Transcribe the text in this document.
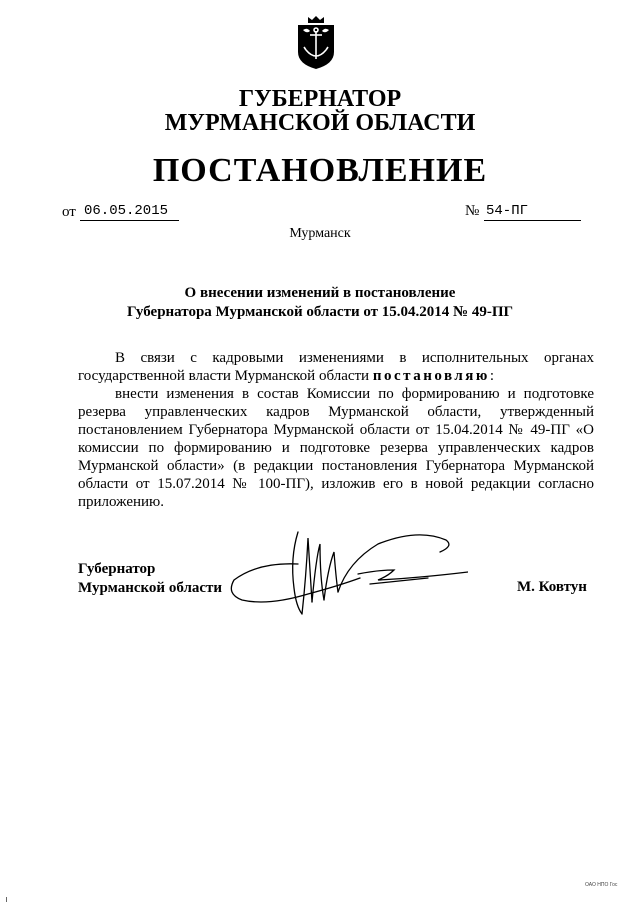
ГУБЕРНАТОР
МУРМАНСКОЙ ОБЛАСТИ
ПОСТАНОВЛЕНИЕ
от 06.05.2015	№ 54-ПГ
Мурманск
О внесении изменений в постановление
Губернатора Мурманской области от 15.04.2014 № 49-ПГ

В связи с кадровыми изменениями в исполнительных органах государственной власти Мурманской области постановляю:

внести изменения в состав Комиссии по формированию и подготовке резерва управленческих кадров Мурманской области, утвержденный постановлением Губернатора Мурманской области от 15.04.2014 № 49-ПГ «О комиссии по формированию и подготовке резерва управленческих кадров Мурманской области» (в редакции постановления Губернатора Мурманской области от 15.07.2014 № 100-ПГ), изложив его в новой редакции согласно приложению.

Губернатор
Мурманской области	М. Ковтун
ОАО НПО Гос
